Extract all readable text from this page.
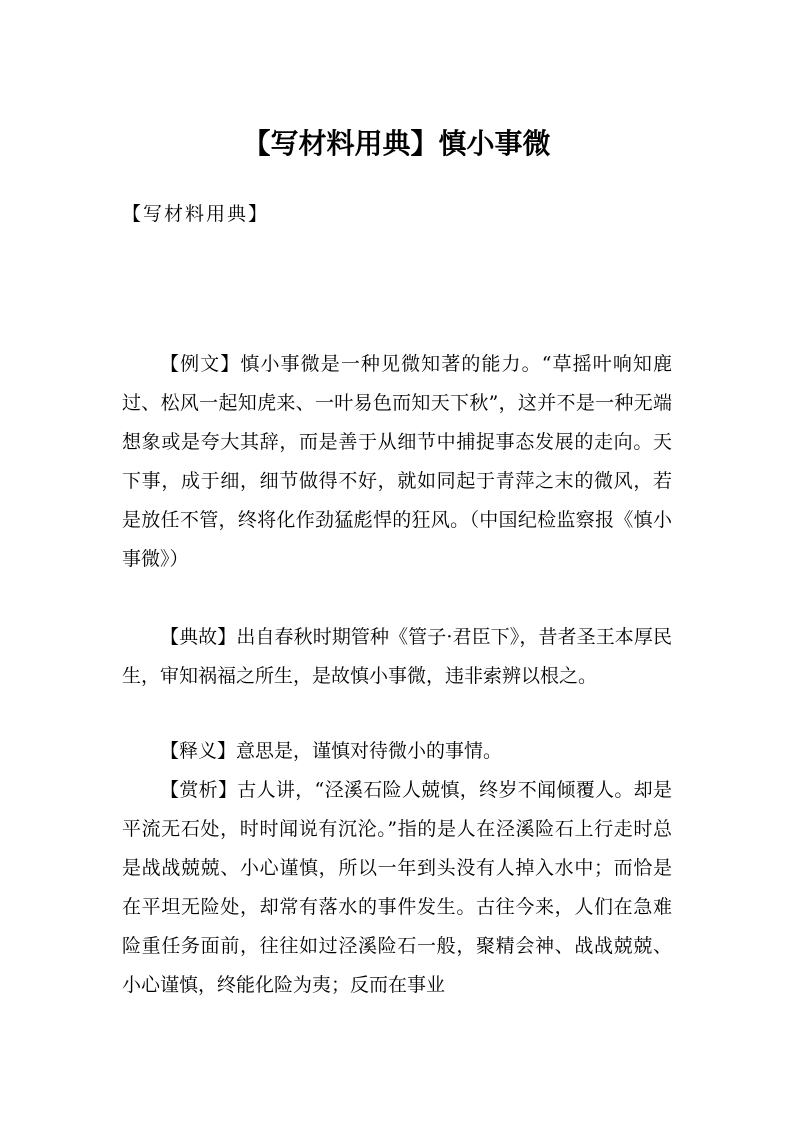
【写材料用典】慎小事微
【写材料用典】

【例文】慎小事微是一种见微知著的能力。“草摇叶响知鹿过、松风一起知虎来、一叶易色而知天下秋”，这并不是一种无端想象或是夸大其辞，而是善于从细节中捕捉事态发展的走向。天下事，成于细，细节做得不好，就如同起于青萍之末的微风，若是放任不管，终将化作劲猛彪悍的狂风。（中国纪检监察报《慎小事微》）

【典故】出自春秋时期管种《管子·君臣下》，昔者圣王本厚民生，审知祸福之所生，是故慎小事微，违非索辨以根之。

【释义】意思是，谨慎对待微小的事情。

【赏析】古人讲，“泾溪石险人兢慎，终岁不闻倾覆人。却是平流无石处，时时闻说有沉沦。”指的是人在泾溪险石上行走时总是战战兢兢、小心谨慎，所以一年到头没有人掉入水中；而恰是在平坦无险处，却常有落水的事件发生。古往今来，人们在急难险重任务面前，往往如过泾溪险石一般，聚精会神、战战兢兢、小心谨慎，终能化险为夷；反而在事业
